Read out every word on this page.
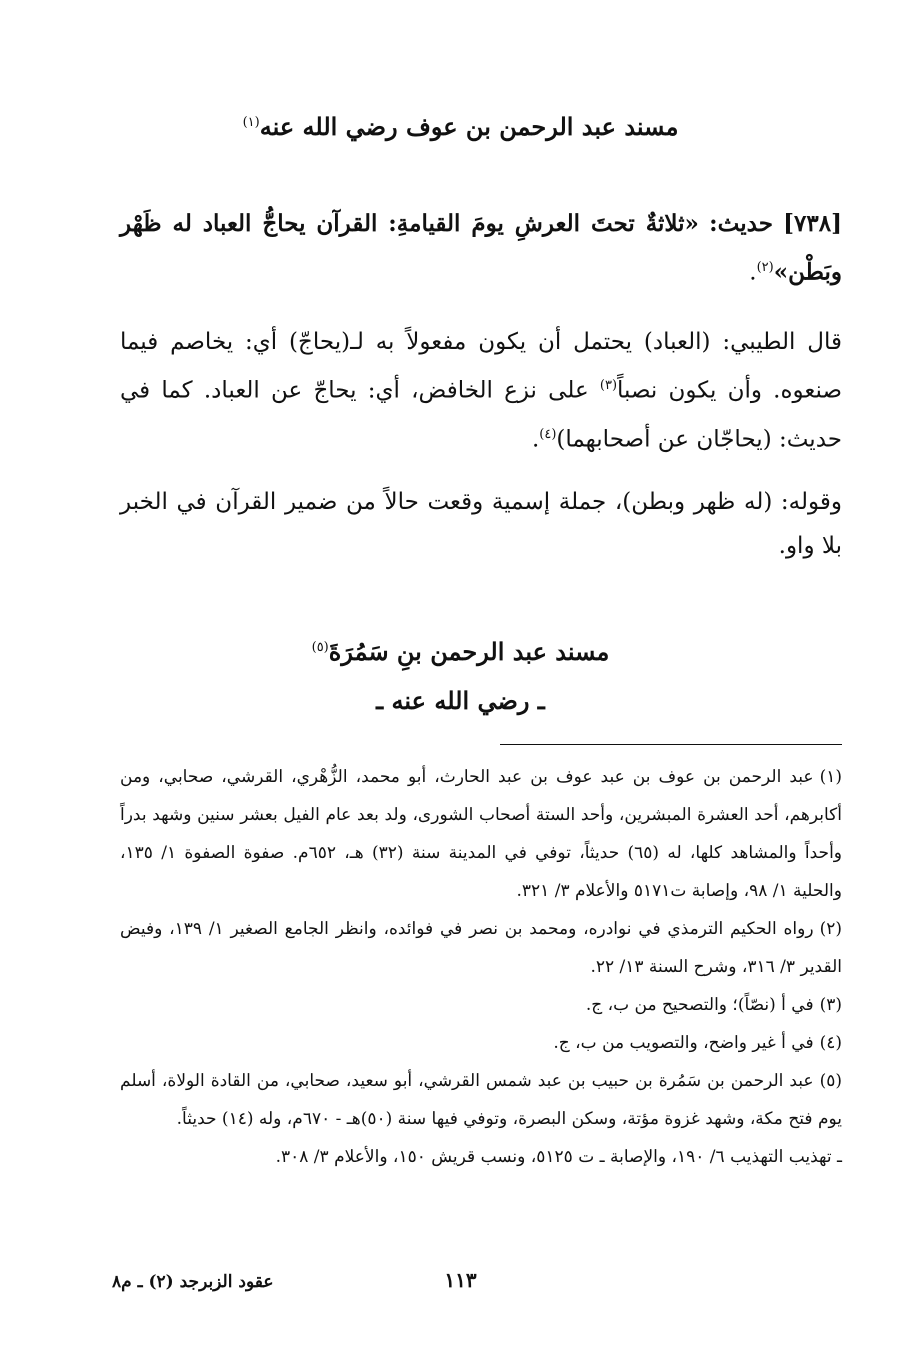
مسند عبد الرحمن بن عوف رضي الله عنه$^{(١)}$
[٧٣٨] حديث: «ثلاثةٌ تحتَ العرشِ يومَ القيامةِ: القرآن يحاجُّ العباد له ظَهْر وبَطْن»$^{(٢)}$.
قال الطيبي: (العباد) يحتمل أن يكون مفعولاً به لـ(يحاجّ) أي: يخاصم فيما صنعوه. وأن يكون نصباً$^{(٣)}$ على نزع الخافض، أي: يحاجّ عن العباد. كما في حديث: (يحاجّان عن أصحابهما)$^{(٤)}$.
وقوله: (له ظهر وبطن)، جملة إسمية وقعت حالاً من ضمير القرآن في الخبر بلا واو.
مسند عبد الرحمن بنِ سَمُرَةَ$^{(٥)}$
ـ رضي الله عنه ـ

(١)عبد الرحمن بن عوف بن عبد عوف بن عبد الحارث، أبو محمد، الزُّهْري، القرشي، صحابي، ومن أكابرهم، أحد العشرة المبشرين، وأحد الستة أصحاب الشورى، ولد بعد عام الفيل بعشر سنين وشهد بدراً وأحداً والمشاهد كلها، له (٦٥) حديثاً، توفي في المدينة سنة (٣٢) هـ، ٦٥٢م. صفوة الصفوة ١/ ١٣٥، والحلية ١/ ٩٨، وإصابة ت٥١٧١ والأعلام ٣/ ٣٢١.

(٢)رواه الحكيم الترمذي في نوادره، ومحمد بن نصر في فوائده، وانظر الجامع الصغير ١/ ١٣٩، وفيض القدير ٣/ ٣١٦، وشرح السنة ١٣/ ٢٢.

(٣)في أ (نصّاً)؛ والتصحيح من ب، ج.

(٤)في أ غير واضح، والتصويب من ب، ج.

(٥)عبد الرحمن بن سَمُرة بن حبيب بن عبد شمس القرشي، أبو سعيد، صحابي، من القادة الولاة، أسلم يوم فتح مكة، وشهد غزوة مؤتة، وسكن البصرة، وتوفي فيها سنة (٥٠)هـ - ٦٧٠م، وله (١٤) حديثاً.

ـ تهذيب التهذيب ٦/ ١٩٠، والإصابة ـ ت ٥١٢٥، ونسب قريش ١٥٠، والأعلام ٣/ ٣٠٨.

١١٣
عقود الزبرجد (٢) ـ م٨
